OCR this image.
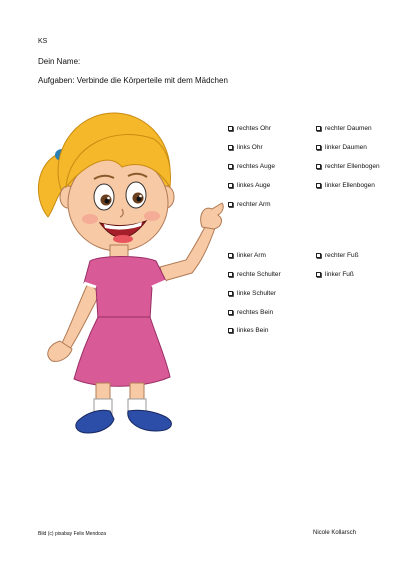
KS
Dein Name:
Aufgaben: Verbinde die Körperteile mit dem Mädchen
rechtes Ohr
links Ohr
rechtes Auge
linkes Auge
rechter Arm
linker Arm
rechte Schulter
linke Schulter
rechtes Bein
linkes Bein
rechter Daumen
linker Daumen
rechter Ellenbogen
linker Ellenbogen
rechter Fuß
linker Fuß
Bild (c) pixabay Felix Mendoza	Nicole Kollarsch
